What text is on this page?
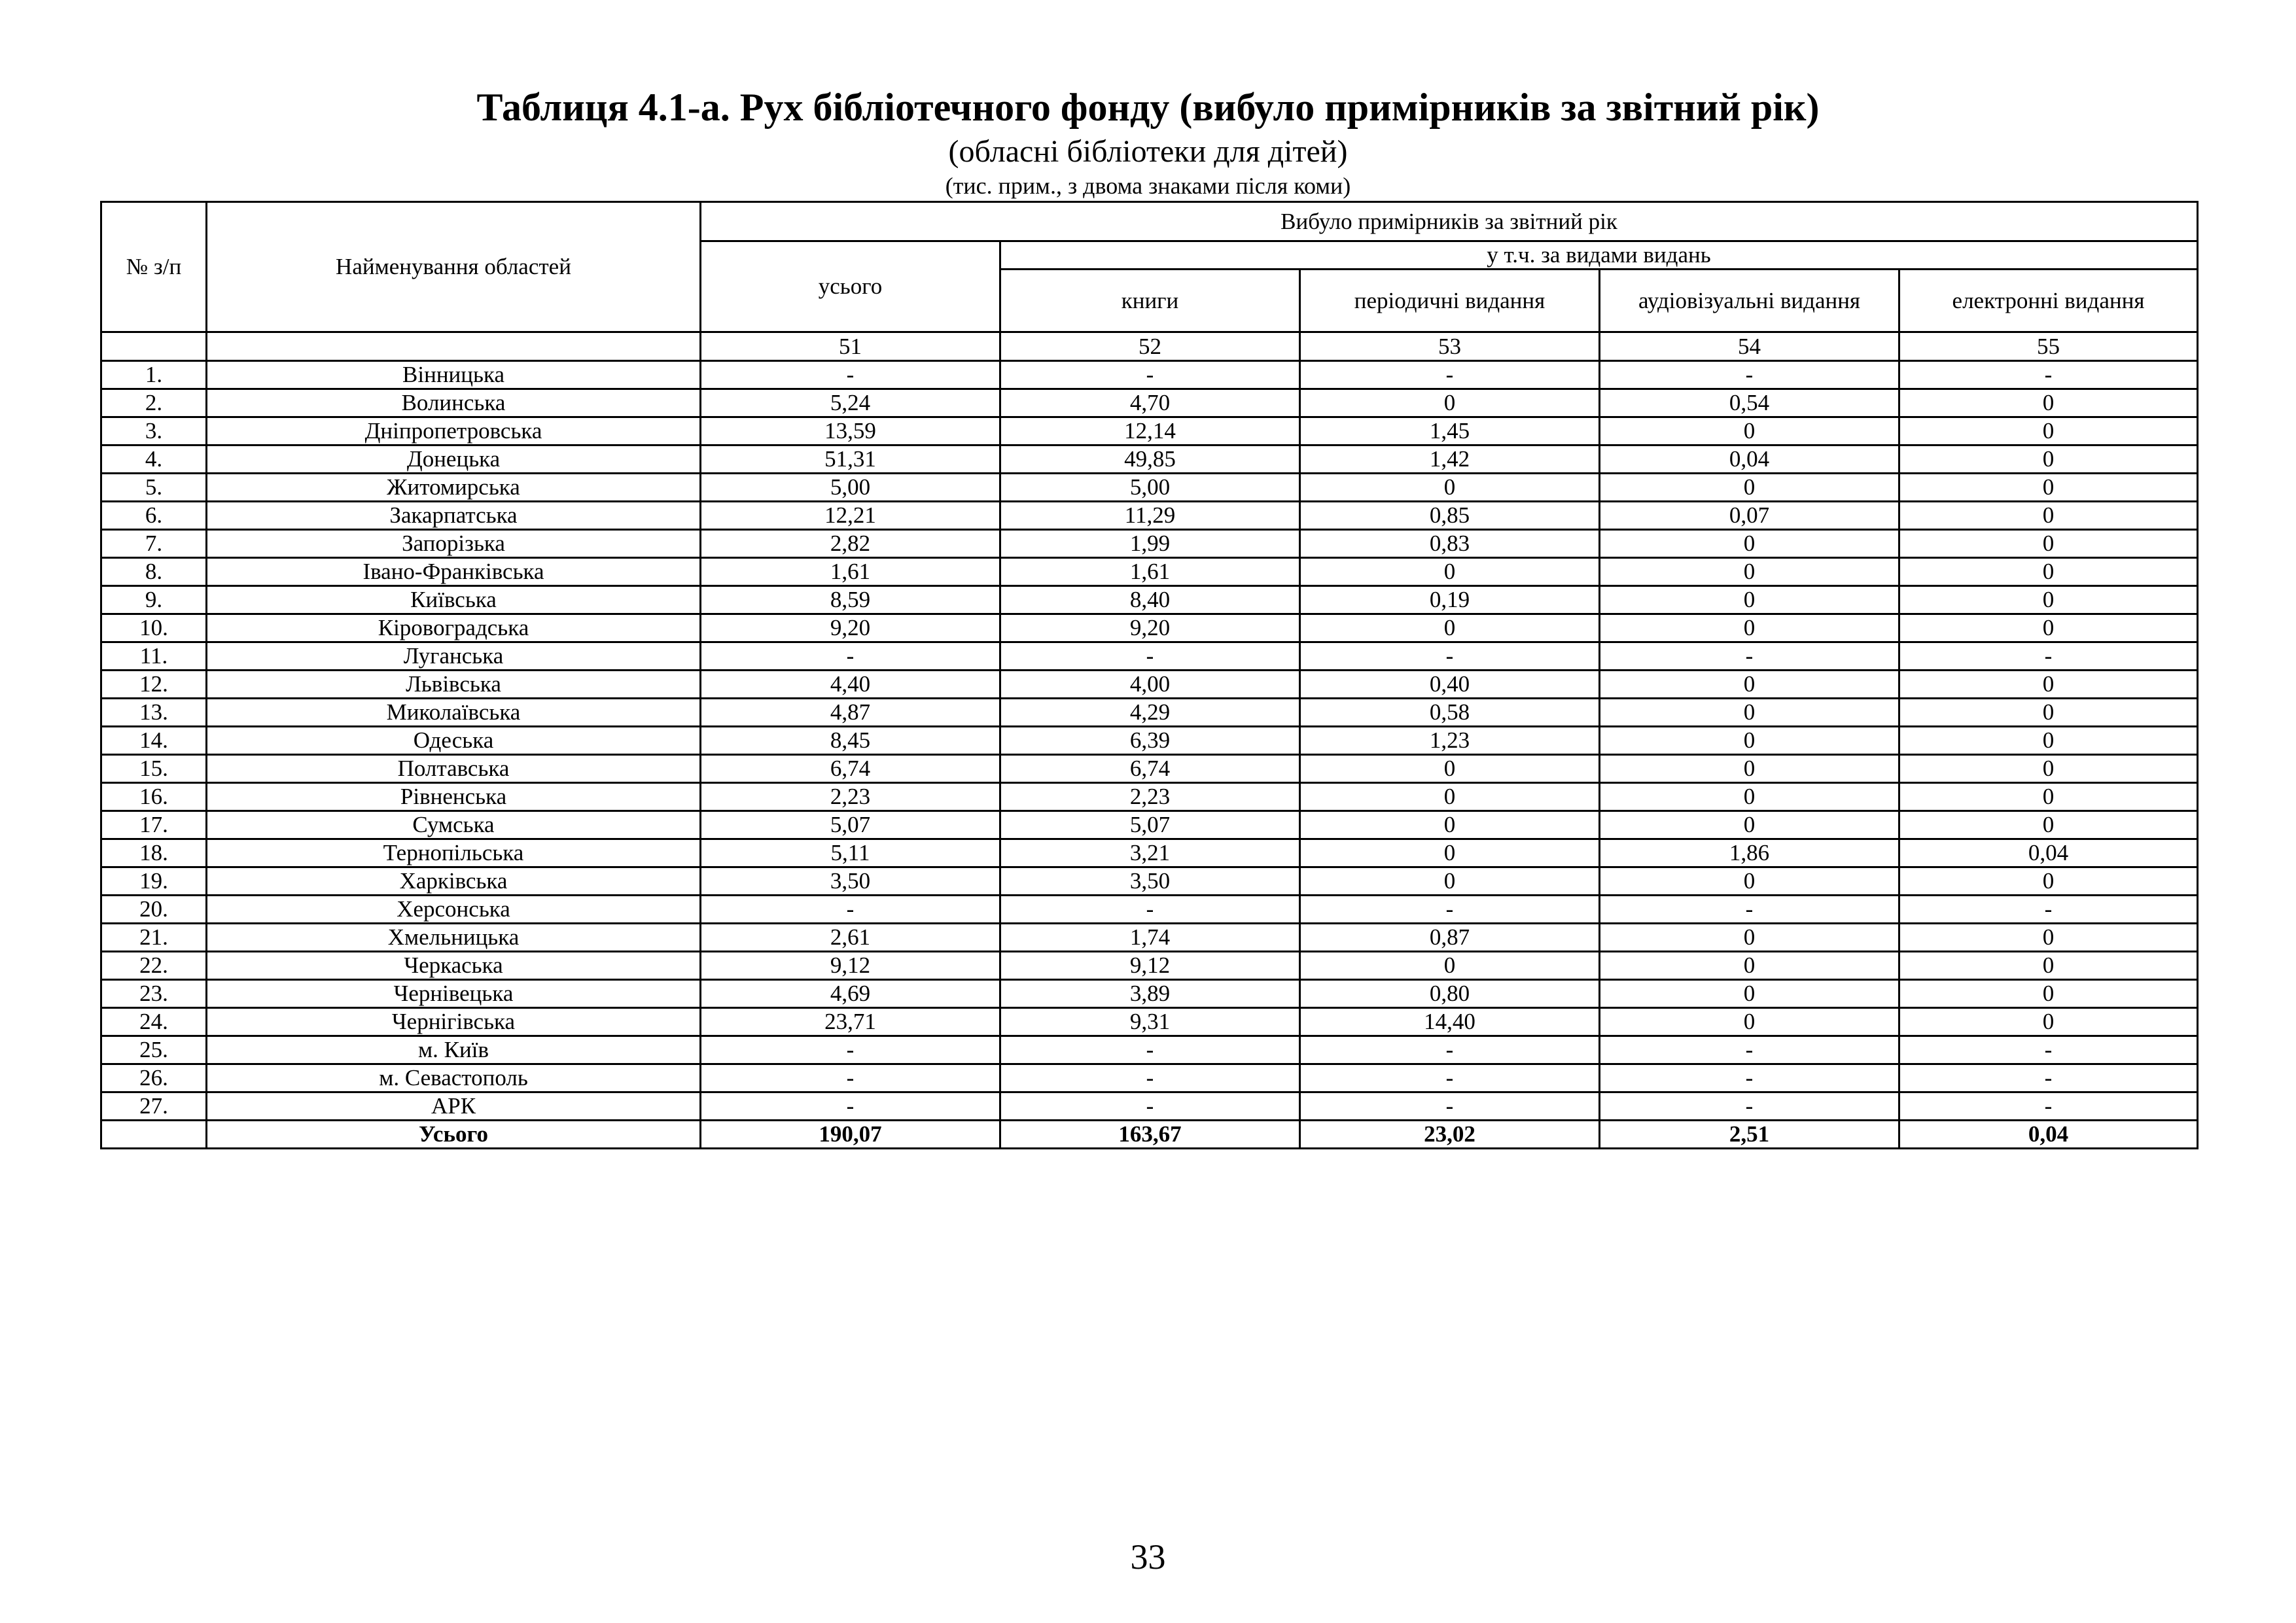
Таблиця 4.1-а. Рух бібліотечного фонду (вибуло примірників за звітний рік)
(обласні бібліотеки для дітей)
(тис. прим., з двома знаками після коми)
№ з/п	Найменування областей	Вибуло примірників за звітний рік				
		усього	у т.ч. за видами видань			
			книги	періодичні видання	аудіовізуальні видання	електронні видання
		51	52	53	54	55
1.	Вінницька	-	-	-	-	-
2.	Волинська	5,24	4,70	0	0,54	0
3.	Дніпропетровська	13,59	12,14	1,45	0	0
4.	Донецька	51,31	49,85	1,42	0,04	0
5.	Житомирська	5,00	5,00	0	0	0
6.	Закарпатська	12,21	11,29	0,85	0,07	0
7.	Запорізька	2,82	1,99	0,83	0	0
8.	Івано-Франківська	1,61	1,61	0	0	0
9.	Київська	8,59	8,40	0,19	0	0
10.	Кіровоградська	9,20	9,20	0	0	0
11.	Луганська	-	-	-	-	-
12.	Львівська	4,40	4,00	0,40	0	0
13.	Миколаївська	4,87	4,29	0,58	0	0
14.	Одеська	8,45	6,39	1,23	0	0
15.	Полтавська	6,74	6,74	0	0	0
16.	Рівненська	2,23	2,23	0	0	0
17.	Сумська	5,07	5,07	0	0	0
18.	Тернопільська	5,11	3,21	0	1,86	0,04
19.	Харківська	3,50	3,50	0	0	0
20.	Херсонська	-	-	-	-	-
21.	Хмельницька	2,61	1,74	0,87	0	0
22.	Черкаська	9,12	9,12	0	0	0
23.	Чернівецька	4,69	3,89	0,80	0	0
24.	Чернігівська	23,71	9,31	14,40	0	0
25.	м. Київ	-	-	-	-	-
26.	м. Севастополь	-	-	-	-	-
27.	АРК	-	-	-	-	-
	Усього	190,07	163,67	23,02	2,51	0,04
33
